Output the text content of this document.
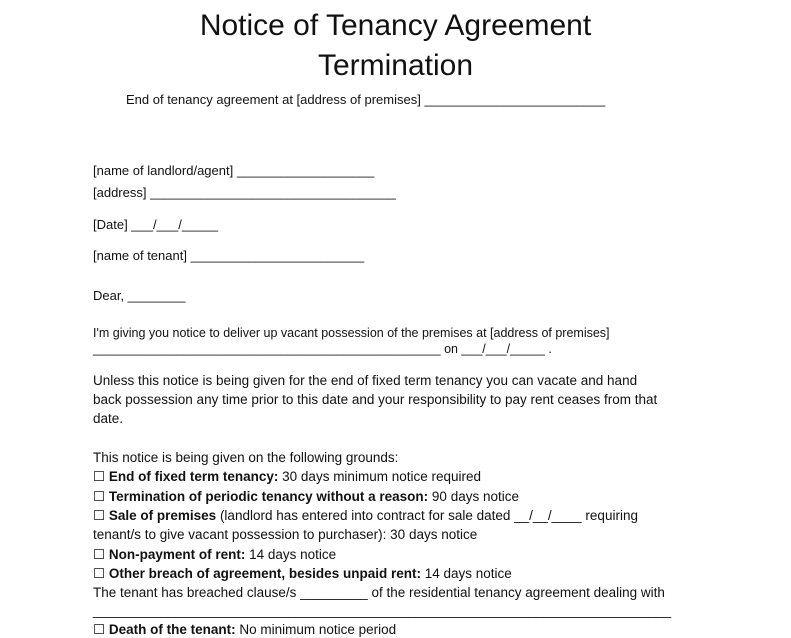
Notice of Tenancy Agreement
Termination
End of tenancy agreement at [address of premises] _________________________
[name of landlord/agent] ___________________
[address] __________________________________
[Date] ___/___/_____
[name of tenant] ________________________
Dear, ________
I'm giving you notice to deliver up vacant possession of the premises at [address of premises]
__________________________________________________ on ___/___/_____ .
Unless this notice is being given for the end of fixed term tenancy you can vacate and hand
back possession any time prior to this date and your responsibility to pay rent ceases from that
date.
This notice is being given on the following grounds:
☐ End of fixed term tenancy: 30 days minimum notice required
☐ Termination of periodic tenancy without a reason: 90 days notice
☐ Sale of premises (landlord has entered into contract for sale dated __/__/____ requiring
tenant/s to give vacant possession to purchaser): 30 days notice
☐ Non-payment of rent: 14 days notice
☐ Other breach of agreement, besides unpaid rent: 14 days notice
The tenant has breached clause/s _________ of the residential tenancy agreement dealing with
_____________________________________________________________________________
☐ Death of the tenant: No minimum notice period
